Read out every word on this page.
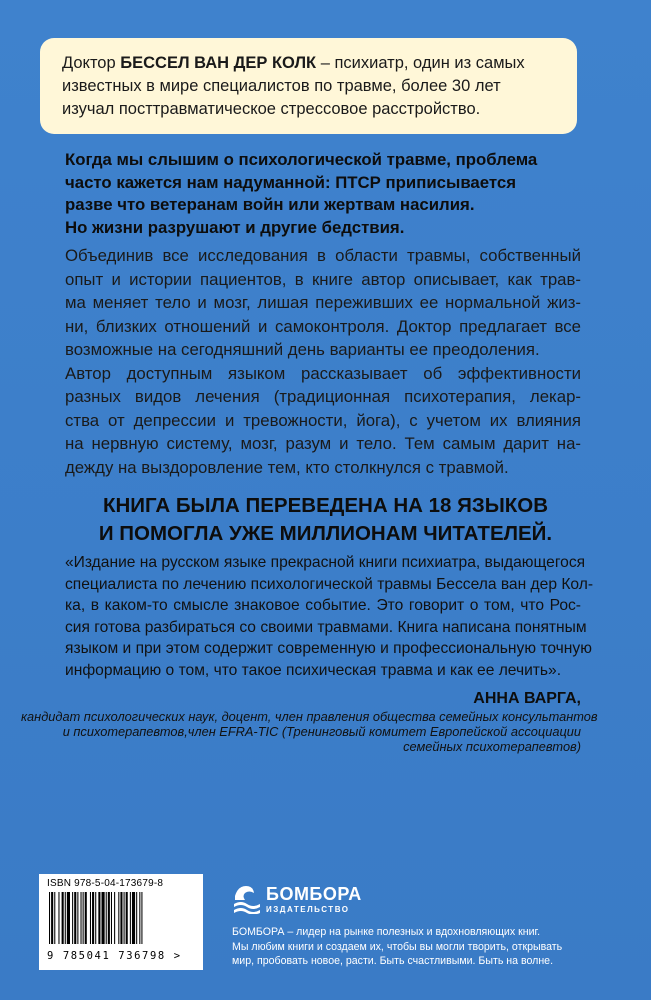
Доктор БЕССЕЛ ВАН ДЕР КОЛК – психиатр, один из самых
известных в мире специалистов по травме, более 30 лет
изучал посттравматическое стрессовое расстройство.
Когда мы слышим о психологической травме, проблема
часто кажется нам надуманной: ПТСР приписывается
разве что ветеранам войн или жертвам насилия.
Но жизни разрушают и другие бедствия.
Объединив все исследования в области травмы, собственный
опыт и истории пациентов, в книге автор описывает, как трав-
ма меняет тело и мозг, лишая переживших ее нормальной жиз-
ни, близких отношений и самоконтроля. Доктор предлагает все
возможные на сегодняшний день варианты ее преодоления.
Автор доступным языком рассказывает об эффективности
разных видов лечения (традиционная психотерапия, лекар-
ства от депрессии и тревожности, йога), с учетом их влияния
на нервную систему, мозг, разум и тело. Тем самым дарит на-
дежду на выздоровление тем, кто столкнулся с травмой.
КНИГА БЫЛА ПЕРЕВЕДЕНА НА 18 ЯЗЫКОВ
И ПОМОГЛА УЖЕ МИЛЛИОНАМ ЧИТАТЕЛЕЙ.
«Издание на русском языке прекрасной книги психиатра, выдающегося
специалиста по лечению психологической травмы Бессела ван дер Кол-
ка, в каком-то смысле знаковое событие. Это говорит о том, что Рос-
сия готова разбираться со своими травмами. Книга написана понятным
языком и при этом содержит современную и профессиональную точную
информацию о том, что такое психическая травма и как ее лечить».
АННА ВАРГА,
кандидат психологических наук, доцент, член правления общества семейных консультантов
и психотерапевтов,член EFRA-TIC (Тренинговый комитет Европейской ассоциации
семейных психотерапевтов)
ISBN 978-5-04-173679-8
9 785041 736798 >
БОМБОРА
ИЗДАТЕЛЬСТВО
БОМБОРА – лидер на рынке полезных и вдохновляющих книг.
Мы любим книги и создаем их, чтобы вы могли творить, открывать
мир, пробовать новое, расти. Быть счастливыми. Быть на волне.
